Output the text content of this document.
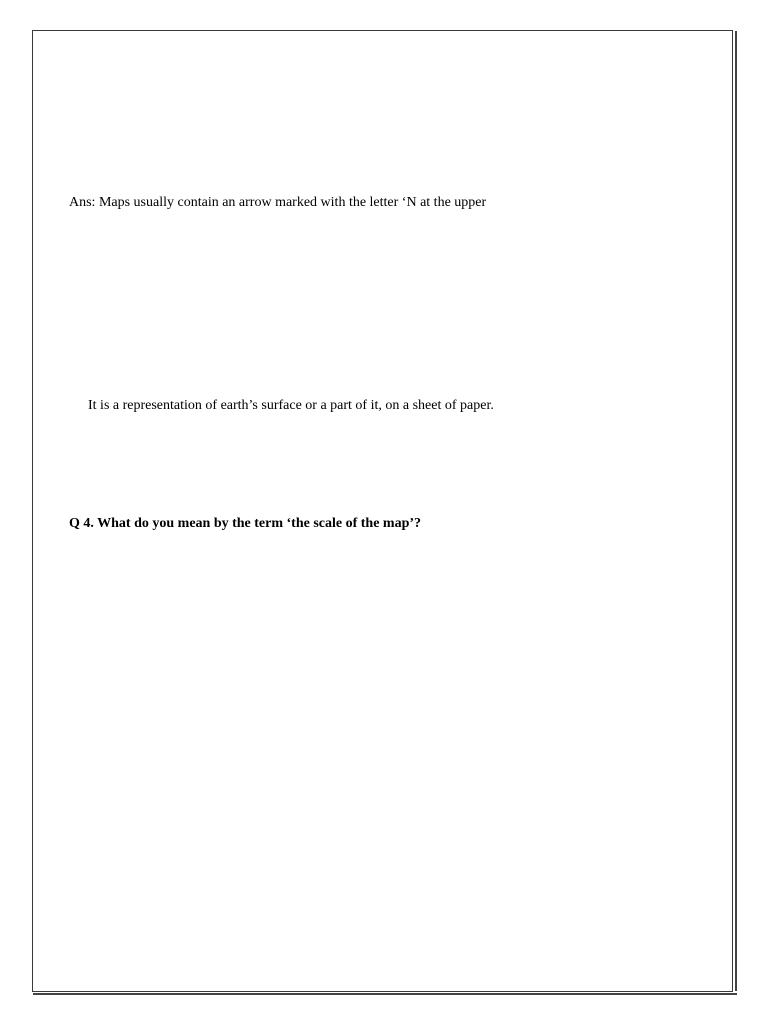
Ans: Maps usually contain an arrow marked with the letter ‘N at the upper
It is a representation of earth’s surface or a part of it, on a sheet of paper.
Q 4. What do you mean by the term ‘the scale of the map’?
